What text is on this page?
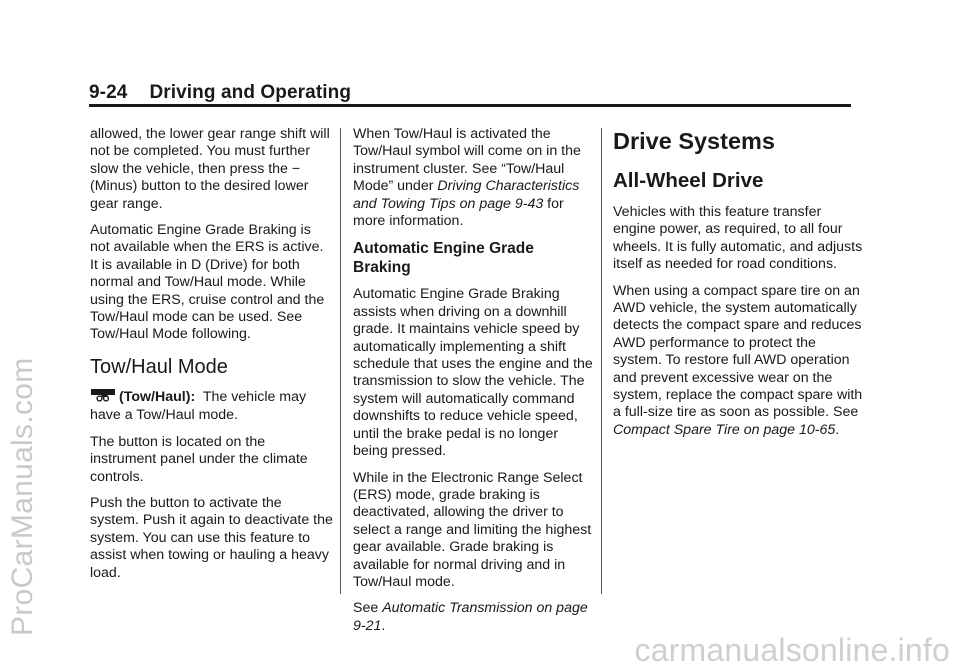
9-24 Driving and Operating

allowed, the lower gear range shift will not be completed. You must further slow the vehicle, then press the − (Minus) button to the desired lower gear range.

Automatic Engine Grade Braking is not available when the ERS is active. It is available in D (Drive) for both normal and Tow/Haul mode. While using the ERS, cruise control and the Tow/Haul mode can be used. See Tow/Haul Mode following.

Tow/Haul Mode

(Tow/Haul):  The vehicle may have a Tow/Haul mode.

The button is located on the instrument panel under the climate controls.

Push the button to activate the system. Push it again to deactivate the system. You can use this feature to assist when towing or hauling a heavy load.

When Tow/Haul is activated the Tow/Haul symbol will come on in the instrument cluster. See “Tow/Haul Mode” under Driving Characteristics and Towing Tips on page 9‑43 for more information.

Automatic Engine Grade Braking

Automatic Engine Grade Braking assists when driving on a downhill grade. It maintains vehicle speed by automatically implementing a shift schedule that uses the engine and the transmission to slow the vehicle. The system will automatically command downshifts to reduce vehicle speed, until the brake pedal is no longer being pressed.

While in the Electronic Range Select (ERS) mode, grade braking is deactivated, allowing the driver to select a range and limiting the highest gear available. Grade braking is available for normal driving and in Tow/Haul mode.

See Automatic Transmission on page 9‑21.

Drive Systems
All-Wheel Drive

Vehicles with this feature transfer engine power, as required, to all four wheels. It is fully automatic, and adjusts itself as needed for road conditions.

When using a compact spare tire on an AWD vehicle, the system automatically detects the compact spare and reduces AWD performance to protect the system. To restore full AWD operation and prevent excessive wear on the system, replace the compact spare with a full-size tire as soon as possible. See Compact Spare Tire on page 10‑65.

ProCarManuals.com
carmanualsonline.info
